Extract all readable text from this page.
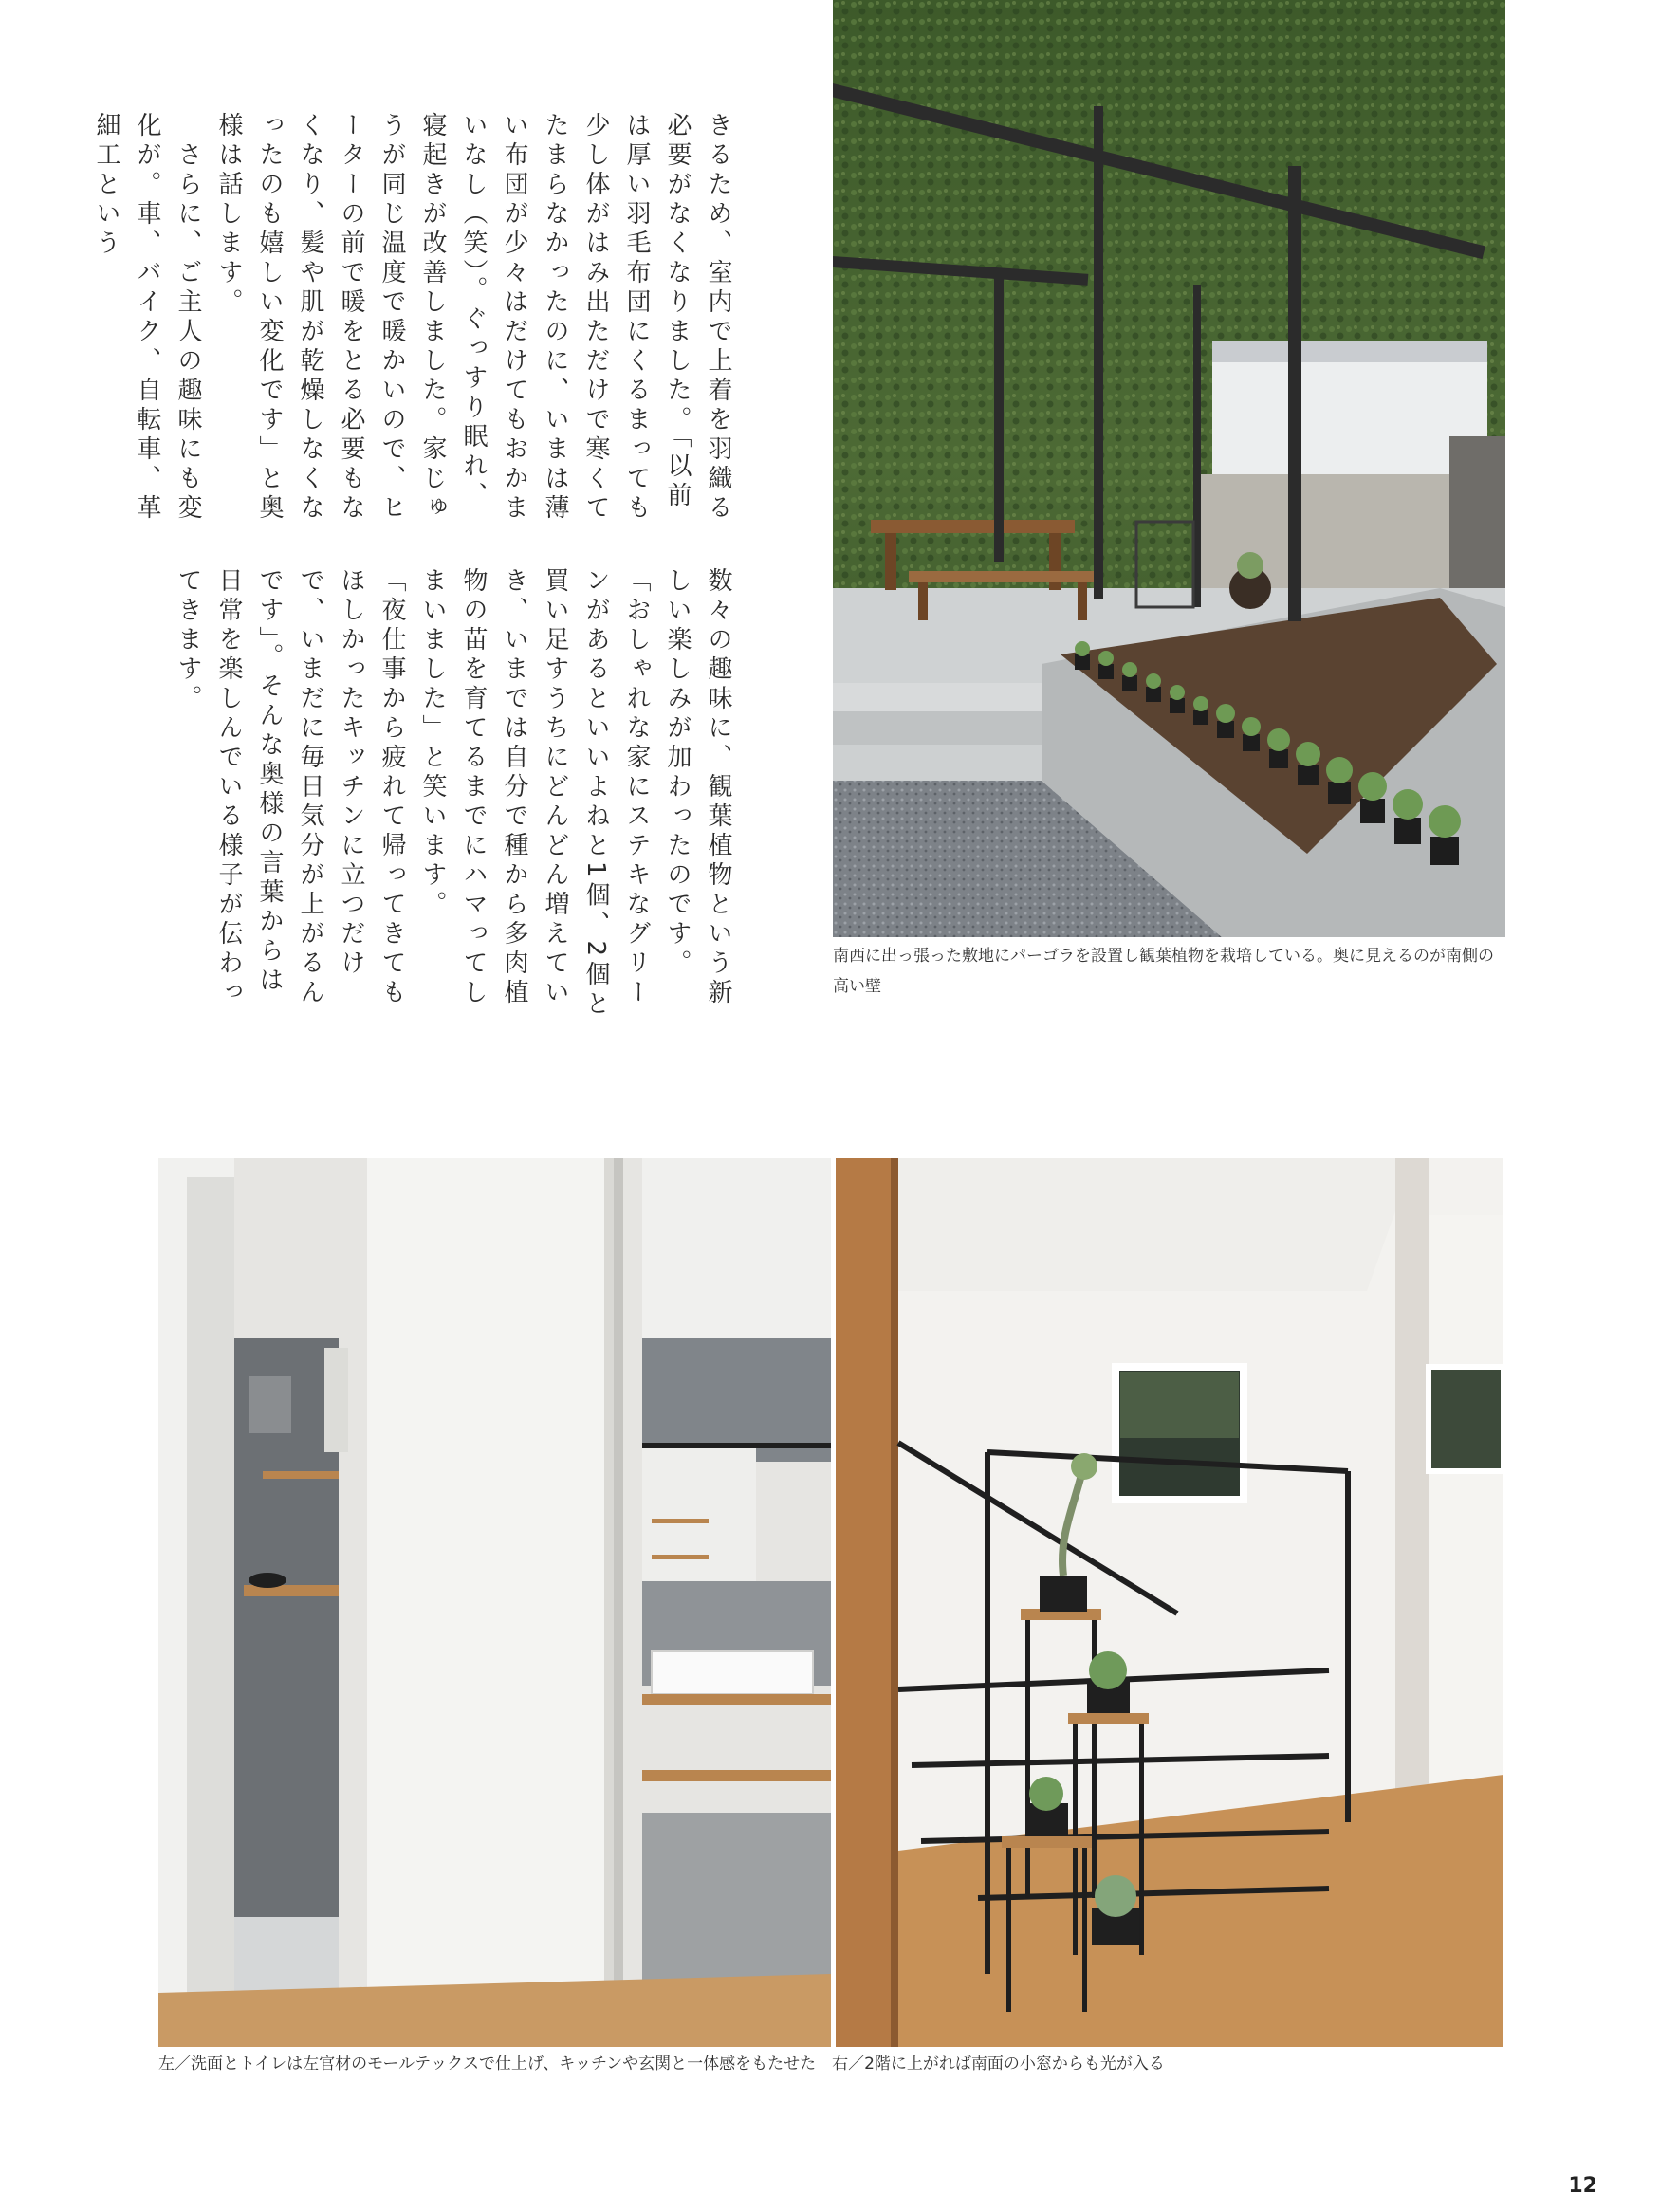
きるため、室内で上着を羽織る必要がなくなりました。「以前は厚い羽毛布団にくるまっても少し体がはみ出ただけで寒くてたまらなかったのに、いまは薄い布団が少々はだけてもおかまいなし（笑）。ぐっすり眠れ、寝起きが改善しました。家じゅうが同じ温度で暖かいので、ヒーターの前で暖をとる必要もなくなり、髪や肌が乾燥しなくなったのも嬉しい変化です」と奥様は話します。

　さらに、ご主人の趣味にも変化が。車、バイク、自転車、革細工という

数々の趣味に、観葉植物という新しい楽しみが加わったのです。「おしゃれな家にステキなグリーンがあるといいよねと1個、2個と買い足すうちにどんどん増えていき、いまでは自分で種から多肉植物の苗を育てるまでにハマってしまいました」と笑います。

「夜仕事から疲れて帰ってきてもほしかったキッチンに立つだけで、いまだに毎日気分が上がるんです」。そんな奥様の言葉からは日常を楽しんでいる様子が伝わってきます。

南西に出っ張った敷地にパーゴラを設置し観葉植物を栽培している。奥に見えるのが南側の高い壁
左／洗面とトイレは左官材のモールテックスで仕上げ、キッチンや玄関と一体感をもたせた　右／2階に上がれば南面の小窓からも光が入る
12
